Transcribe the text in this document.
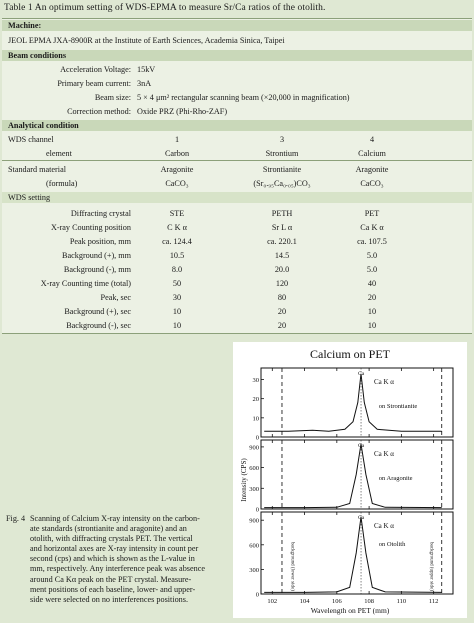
Table 1 An optimum setting of WDS-EPMA to measure Sr/Ca ratios of the otolith.
Machine:
JEOL EPMA JXA-8900R at the Institute of Earth Sciences, Academia Sinica, Taipei
Beam conditions
Acceleration Voltage: 15kV
Primary beam current: 3nA
Beam size: 5 × 4 μm² rectangular scanning beam (×20,000 in magnification)
Correction method: Oxide PRZ (Phi-Rho-ZAF)
Analytical condition
WDS channel	1	3	4
element	Carbon	Strontium	Calcium
Standard material	Aragonite	Strontianite	Aragonite
(formula)	CaCO₃	(Sr₀.₉₅Ca₀.₀₅)CO₃	CaCO₃
WDS setting
Diffracting crystal	STE	PETH	PET
X-ray Counting position	C K α	Sr L α	Ca K α
Peak position, mm	ca. 124.4	ca. 220.1	ca. 107.5
Background (+), mm	10.5	14.5	5.0
Background (-), mm	8.0	20.0	5.0
X-ray Counting time (total)	50	120	40
Peak, sec	30	80	20
Background (+), sec	10	20	10
Background (-), sec	10	20	10
Fig. 4 Scanning of Calcium X-ray intensity on the carbon-
ate standards (strontianite and aragonite) and an
otolith, with diffracting crystals PET. The vertical
and horizontal axes are X-ray intensity in count per
second (cps) and which is shown as the L-value in
mm, respectively. Any interference peak was absence
around Ca Kα peak on the PET crystal. Measure-
ment positions of each baseline, lower- and upper-
side were selected on no interferences positions.
Calcium on PET
Wavelength on PET (mm)
Intensity (CPS)
0
10
20
30
Ca
Ca K α
on Strontianite
0
300
600
900	Ca
Ca K α
on Aragonite
0
300
600
900	Ca
Ca K α
on Otolith
background (lower side)	background (upper side)
102	104	106	108	110	112
